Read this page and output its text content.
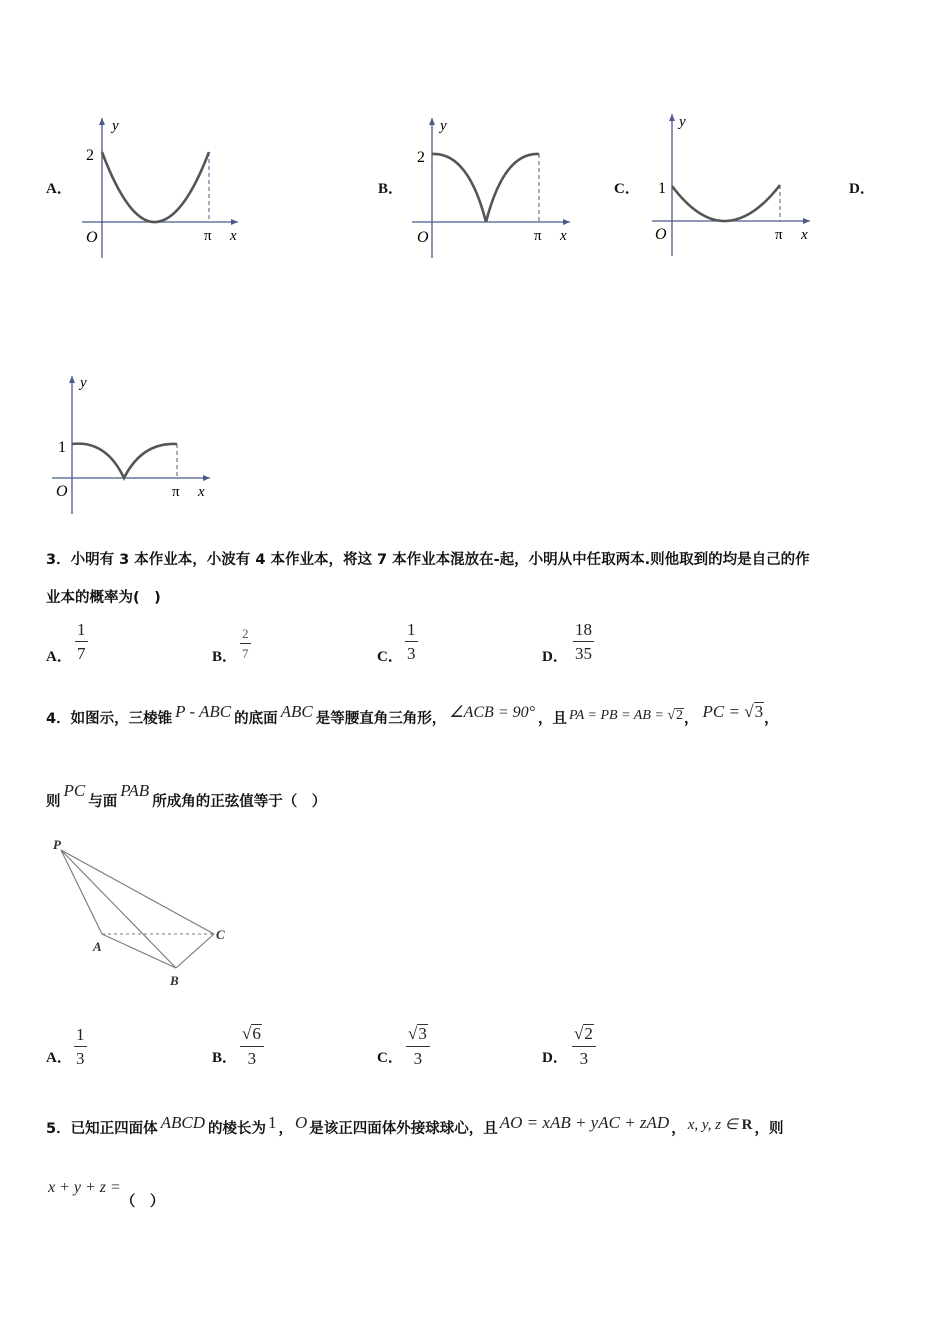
A．
y
2
O	π x
B．
y
2
O	π x
C．
y
1
O	π x
D．
y
1
O	π x
3．小明有 3 本作业本，小波有 4 本作业本，将这 7 本作业本混放在-起，小明从中任取两本.则他取到的均是自己的作
业本的概率为(　)
A．
1
7	B．
2
7	C．
1
3	D．
18
35
4．如图示，三棱锥 P - ABC 的底面 ABC 是等腰直角三角形， ∠ACB = 90° ，且 PA = PB = AB = √2 ， PC = √3 ，
则
PC
与面
PAB
所成角的正弦值等于（　）
P
A
B
C
A．
1
3	B．
√6
3	C．
√3
3	D．
√2
3
5．已知正四面体 ABCD 的棱长为 1 ， O 是该正四面体外接球球心，且 AO = xAB + yAC + zAD ， x, y, z ∈ R ，则
x + y + z =
（　）
